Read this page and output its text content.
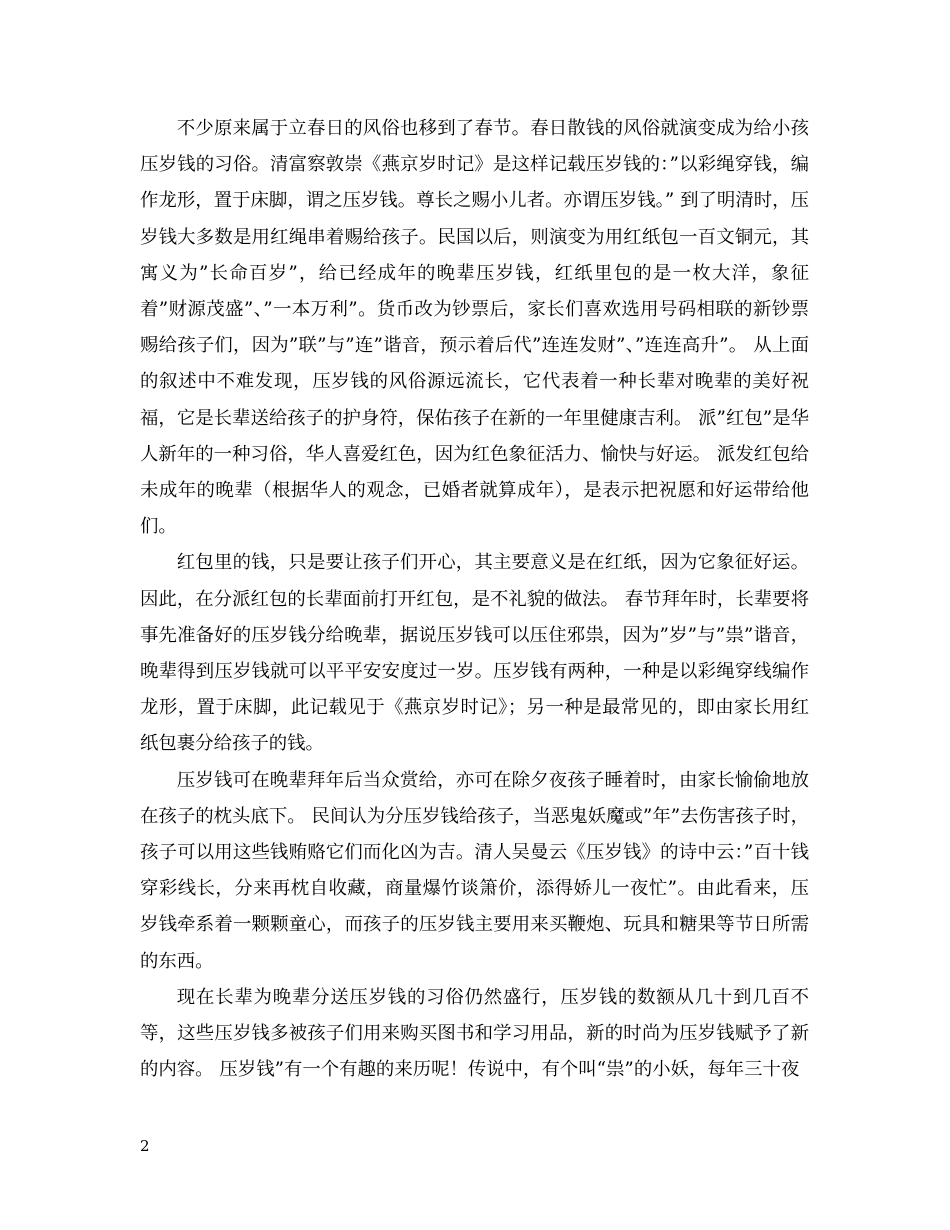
不少原来属于立春日的风俗也移到了春节。春日散钱的风俗就演变成为给小孩压岁钱的习俗。清富察敦崇《燕京岁时记》是这样记载压岁钱的：”以彩绳穿钱，编作龙形，置于床脚，谓之压岁钱。尊长之赐小儿者。亦谓压岁钱。” 到了明清时，压岁钱大多数是用红绳串着赐给孩子。民国以后，则演变为用红纸包一百文铜元，其寓义为”长命百岁”，给已经成年的晚辈压岁钱，红纸里包的是一枚大洋，象征着”财源茂盛”、”一本万利”。货币改为钞票后，家长们喜欢选用号码相联的新钞票赐给孩子们，因为”联”与”连”谐音，预示着后代”连连发财”、”连连高升”。 从上面的叙述中不难发现，压岁钱的风俗源远流长，它代表着一种长辈对晚辈的美好祝福，它是长辈送给孩子的护身符，保佑孩子在新的一年里健康吉利。 派”红包”是华人新年的一种习俗，华人喜爱红色，因为红色象征活力、愉快与好运。 派发红包给未成年的晚辈（根据华人的观念，已婚者就算成年），是表示把祝愿和好运带给他们。

红包里的钱，只是要让孩子们开心，其主要意义是在红纸，因为它象征好运。因此，在分派红包的长辈面前打开红包，是不礼貌的做法。 春节拜年时，长辈要将事先准备好的压岁钱分给晚辈，据说压岁钱可以压住邪祟，因为”岁”与”祟”谐音，晚辈得到压岁钱就可以平平安安度过一岁。压岁钱有两种，一种是以彩绳穿线编作龙形，置于床脚，此记载见于《燕京岁时记》；另一种是最常见的，即由家长用红纸包裹分给孩子的钱。

压岁钱可在晚辈拜年后当众赏给，亦可在除夕夜孩子睡着时，由家长愉偷地放在孩子的枕头底下。 民间认为分压岁钱给孩子，当恶鬼妖魔或”年”去伤害孩子时，孩子可以用这些钱贿赂它们而化凶为吉。清人吴曼云《压岁钱》的诗中云：”百十钱穿彩线长，分来再枕自收藏，商量爆竹谈箫价，添得娇儿一夜忙”。由此看来，压岁钱牵系着一颗颗童心，而孩子的压岁钱主要用来买鞭炮、玩具和糖果等节日所需的东西。

现在长辈为晚辈分送压岁钱的习俗仍然盛行，压岁钱的数额从几十到几百不等，这些压岁钱多被孩子们用来购买图书和学习用品，新的时尚为压岁钱赋予了新的内容。 压岁钱”有一个有趣的来历呢！传说中，有个叫“祟”的小妖，每年三十夜

2
